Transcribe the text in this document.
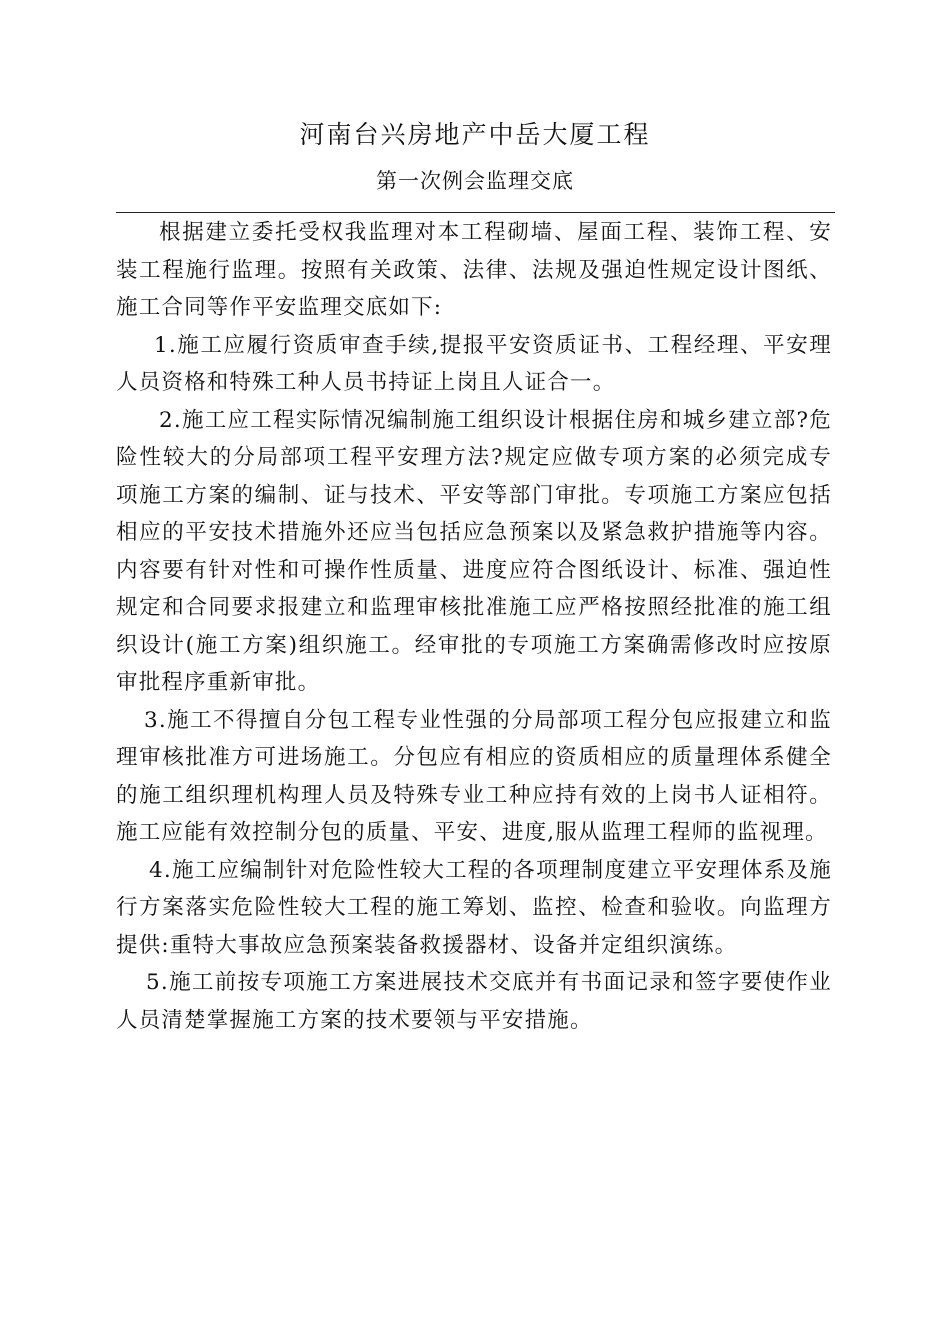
河南台兴房地产中岳大厦工程
第一次例会监理交底

根据建立委托受权我监理对本工程砌墙、屋面工程、装饰工程、安装工程施行监理。按照有关政策、法律、法规及强迫性规定设计图纸、施工合同等作平安监理交底如下:

1.施工应履行资质审查手续,提报平安资质证书、工程经理、平安理人员资格和特殊工种人员书持证上岗且人证合一。

2.施工应工程实际情况编制施工组织设计根据住房和城乡建立部?危险性较大的分局部项工程平安理方法?规定应做专项方案的必须完成专项施工方案的编制、证与技术、平安等部门审批。专项施工方案应包括相应的平安技术措施外还应当包括应急预案以及紧急救护措施等内容。内容要有针对性和可操作性质量、进度应符合图纸设计、标准、强迫性规定和合同要求报建立和监理审核批准施工应严格按照经批准的施工组织设计(施工方案)组织施工。经审批的专项施工方案确需修改时应按原审批程序重新审批。

3.施工不得擅自分包工程专业性强的分局部项工程分包应报建立和监理审核批准方可进场施工。分包应有相应的资质相应的质量理体系健全的施工组织理机构理人员及特殊专业工种应持有效的上岗书人证相符。施工应能有效控制分包的质量、平安、进度,服从监理工程师的监视理。

4.施工应编制针对危险性较大工程的各项理制度建立平安理体系及施行方案落实危险性较大工程的施工筹划、监控、检查和验收。向监理方提供:重特大事故应急预案装备救援器材、设备并定组织演练。

5.施工前按专项施工方案进展技术交底并有书面记录和签字要使作业人员清楚掌握施工方案的技术要领与平安措施。
